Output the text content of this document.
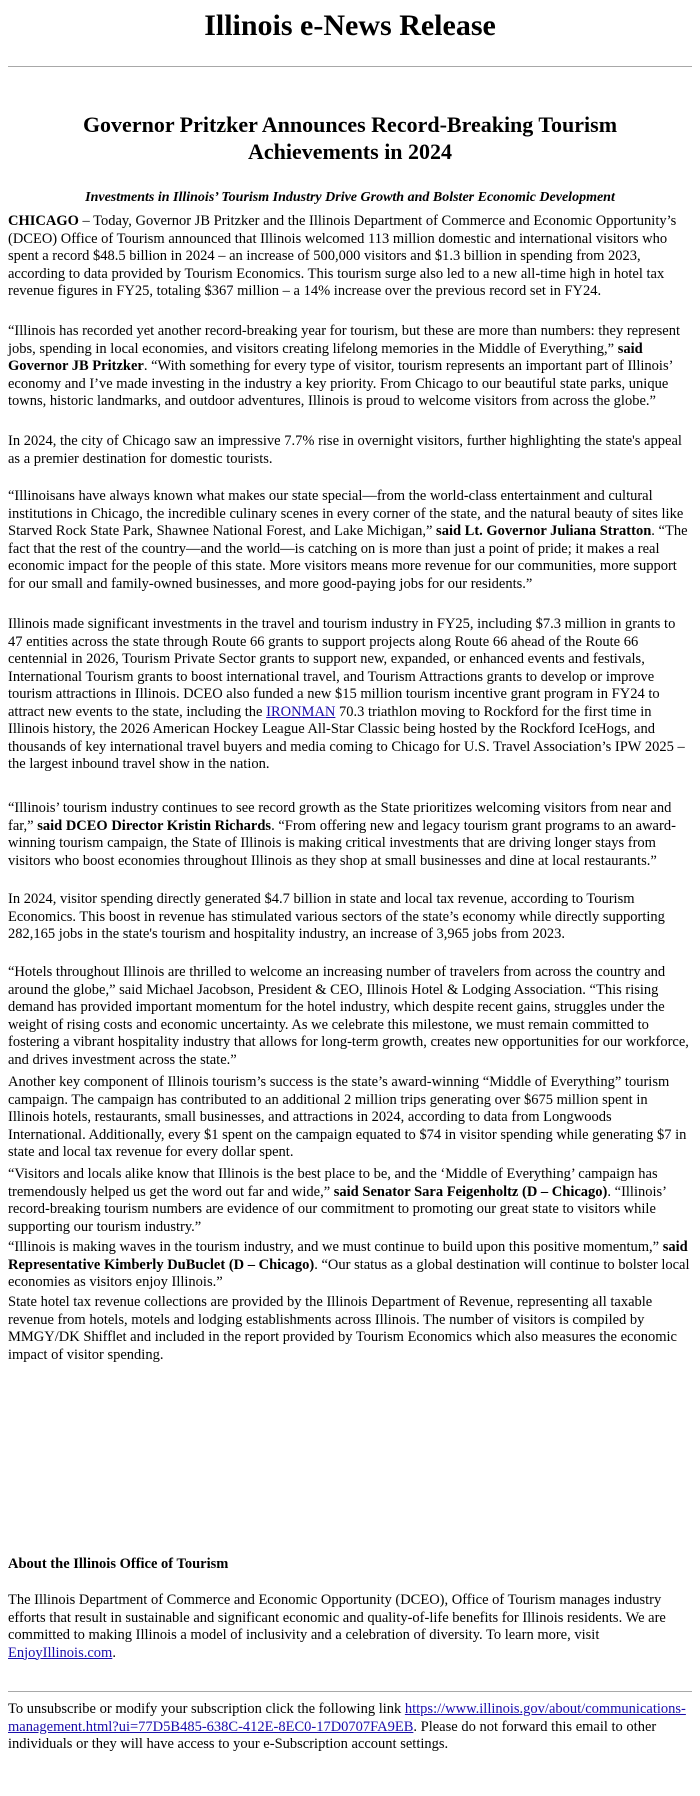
Illinois e-News Release
Governor Pritzker Announces Record-Breaking Tourism Achievements in 2024
Investments in Illinois’ Tourism Industry Drive Growth and Bolster Economic Development

CHICAGO – Today, Governor JB Pritzker and the Illinois Department of Commerce and Economic Opportunity’s (DCEO) Office of Tourism announced that Illinois welcomed 113 million domestic and international visitors who spent a record $48.5 billion in 2024 – an increase of 500,000 visitors and $1.3 billion in spending from 2023, according to data provided by Tourism Economics. This tourism surge also led to a new all-time high in hotel tax revenue figures in FY25, totaling $367 million – a 14% increase over the previous record set in FY24.

“Illinois has recorded yet another record-breaking year for tourism, but these are more than numbers: they represent jobs, spending in local economies, and visitors creating lifelong memories in the Middle of Everything,” said Governor JB Pritzker. “With something for every type of visitor, tourism represents an important part of Illinois’ economy and I’ve made investing in the industry a key priority. From Chicago to our beautiful state parks, unique towns, historic landmarks, and outdoor adventures, Illinois is proud to welcome visitors from across the globe.”

In 2024, the city of Chicago saw an impressive 7.7% rise in overnight visitors, further highlighting the state's appeal as a premier destination for domestic tourists.

“Illinoisans have always known what makes our state special—from the world-class entertainment and cultural institutions in Chicago, the incredible culinary scenes in every corner of the state, and the natural beauty of sites like Starved Rock State Park, Shawnee National Forest, and Lake Michigan,” said Lt. Governor Juliana Stratton. “The fact that the rest of the country—and the world—is catching on is more than just a point of pride; it makes a real economic impact for the people of this state. More visitors means more revenue for our communities, more support for our small and family-owned businesses, and more good-paying jobs for our residents.”

Illinois made significant investments in the travel and tourism industry in FY25, including $7.3 million in grants to 47 entities across the state through Route 66 grants to support projects along Route 66 ahead of the Route 66 centennial in 2026, Tourism Private Sector grants to support new, expanded, or enhanced events and festivals, International Tourism grants to boost international travel, and Tourism Attractions grants to develop or improve tourism attractions in Illinois. DCEO also funded a new $15 million tourism incentive grant program in FY24 to attract new events to the state, including the IRONMAN 70.3 triathlon moving to Rockford for the first time in Illinois history, the 2026 American Hockey League All-Star Classic being hosted by the Rockford IceHogs, and thousands of key international travel buyers and media coming to Chicago for U.S. Travel Association’s IPW 2025 – the largest inbound travel show in the nation.

“Illinois’ tourism industry continues to see record growth as the State prioritizes welcoming visitors from near and far,” said DCEO Director Kristin Richards. “From offering new and legacy tourism grant programs to an award-winning tourism campaign, the State of Illinois is making critical investments that are driving longer stays from visitors who boost economies throughout Illinois as they shop at small businesses and dine at local restaurants.”

In 2024, visitor spending directly generated $4.7 billion in state and local tax revenue, according to Tourism Economics. This boost in revenue has stimulated various sectors of the state’s economy while directly supporting 282,165 jobs in the state's tourism and hospitality industry, an increase of 3,965 jobs from 2023.

“Hotels throughout Illinois are thrilled to welcome an increasing number of travelers from across the country and around the globe,” said Michael Jacobson, President & CEO, Illinois Hotel & Lodging Association. “This rising demand has provided important momentum for the hotel industry, which despite recent gains, struggles under the weight of rising costs and economic uncertainty. As we celebrate this milestone, we must remain committed to fostering a vibrant hospitality industry that allows for long-term growth, creates new opportunities for our workforce, and drives investment across the state.”

Another key component of Illinois tourism’s success is the state’s award-winning “Middle of Everything” tourism campaign. The campaign has contributed to an additional 2 million trips generating over $675 million spent in Illinois hotels, restaurants, small businesses, and attractions in 2024, according to data from Longwoods International. Additionally, every $1 spent on the campaign equated to $74 in visitor spending while generating $7 in state and local tax revenue for every dollar spent.

“Visitors and locals alike know that Illinois is the best place to be, and the ‘Middle of Everything’ campaign has tremendously helped us get the word out far and wide,” said Senator Sara Feigenholtz (D – Chicago). “Illinois’ record-breaking tourism numbers are evidence of our commitment to promoting our great state to visitors while supporting our tourism industry.”

“Illinois is making waves in the tourism industry, and we must continue to build upon this positive momentum,” said Representative Kimberly DuBuclet (D – Chicago). “Our status as a global destination will continue to bolster local economies as visitors enjoy Illinois.”

State hotel tax revenue collections are provided by the Illinois Department of Revenue, representing all taxable revenue from hotels, motels and lodging establishments across Illinois. The number of visitors is compiled by MMGY/DK Shifflet and included in the report provided by Tourism Economics which also measures the economic impact of visitor spending.

About the Illinois Office of Tourism

The Illinois Department of Commerce and Economic Opportunity (DCEO), Office of Tourism manages industry efforts that result in sustainable and significant economic and quality-of-life benefits for Illinois residents. We are committed to making Illinois a model of inclusivity and a celebration of diversity. To learn more, visit EnjoyIllinois.com.

To unsubscribe or modify your subscription click the following link https://www.illinois.gov/about/communications-management.html?ui=77D5B485-638C-412E-8EC0-17D0707FA9EB. Please do not forward this email to other individuals or they will have access to your e-Subscription account settings.
